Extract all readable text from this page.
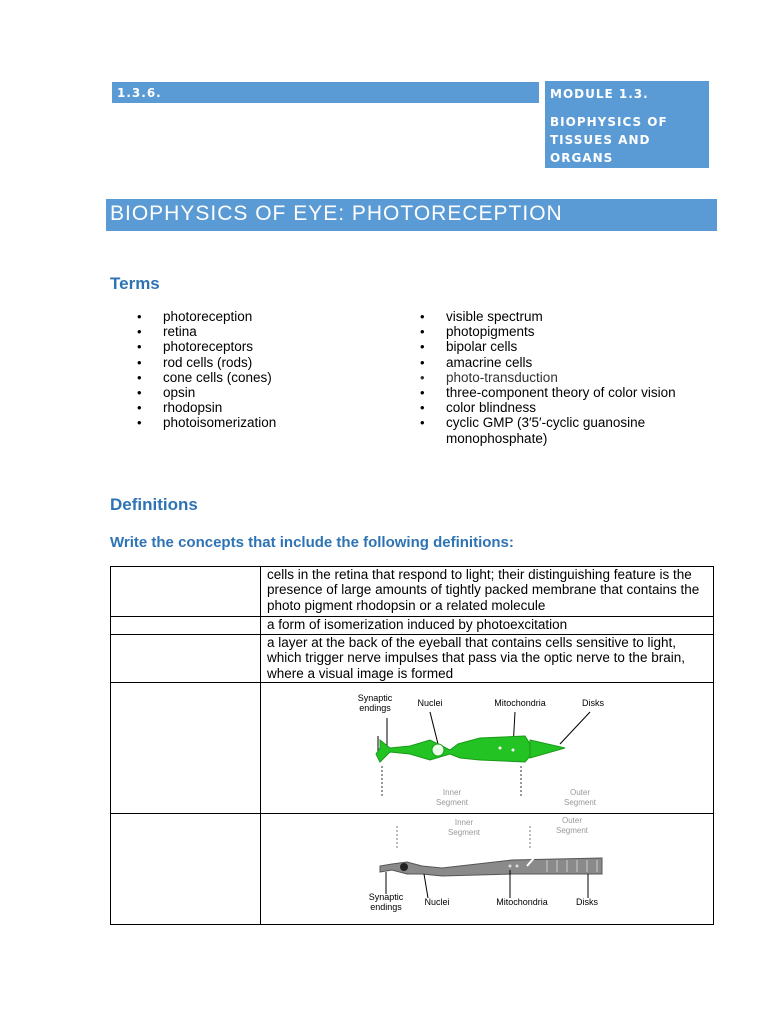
1.3.6.	MODULE 1.3.
BIOPHYSICS OF TISSUES AND ORGANS
BIOPHYSICS OF EYE: PHOTORECEPTION
Terms
• photoreception
• retina
• photoreceptors
• rod cells (rods)
• cone cells (cones)
• opsin
• rhodopsin
• photoisomerization
• visible spectrum
• photopigments
• bipolar cells
• amacrine cells
• photo-transduction
• three-component theory of color vision
• color blindness
• cyclic GMP (3′5′-cyclic guanosine monophosphate)
Definitions
Write the concepts that include the following definitions:
	cells in the retina that respond to light; their distinguishing feature is the presence of large amounts of tightly packed membrane that contains the photo pigment rhodopsin or a related molecule
	a form of isomerization induced by photoexcitation
	a layer at the back of the eyeball that contains cells sensitive to light, which trigger nerve impulses that pass via the optic nerve to the brain, where a visual image is formed

Synaptic endings	Nuclei	Mitochondria	Disks
Inner Segment
Outer Segment
Inner Segment
Outer Segment
Synaptic endings	Nuclei	Mitochondria	Disks
